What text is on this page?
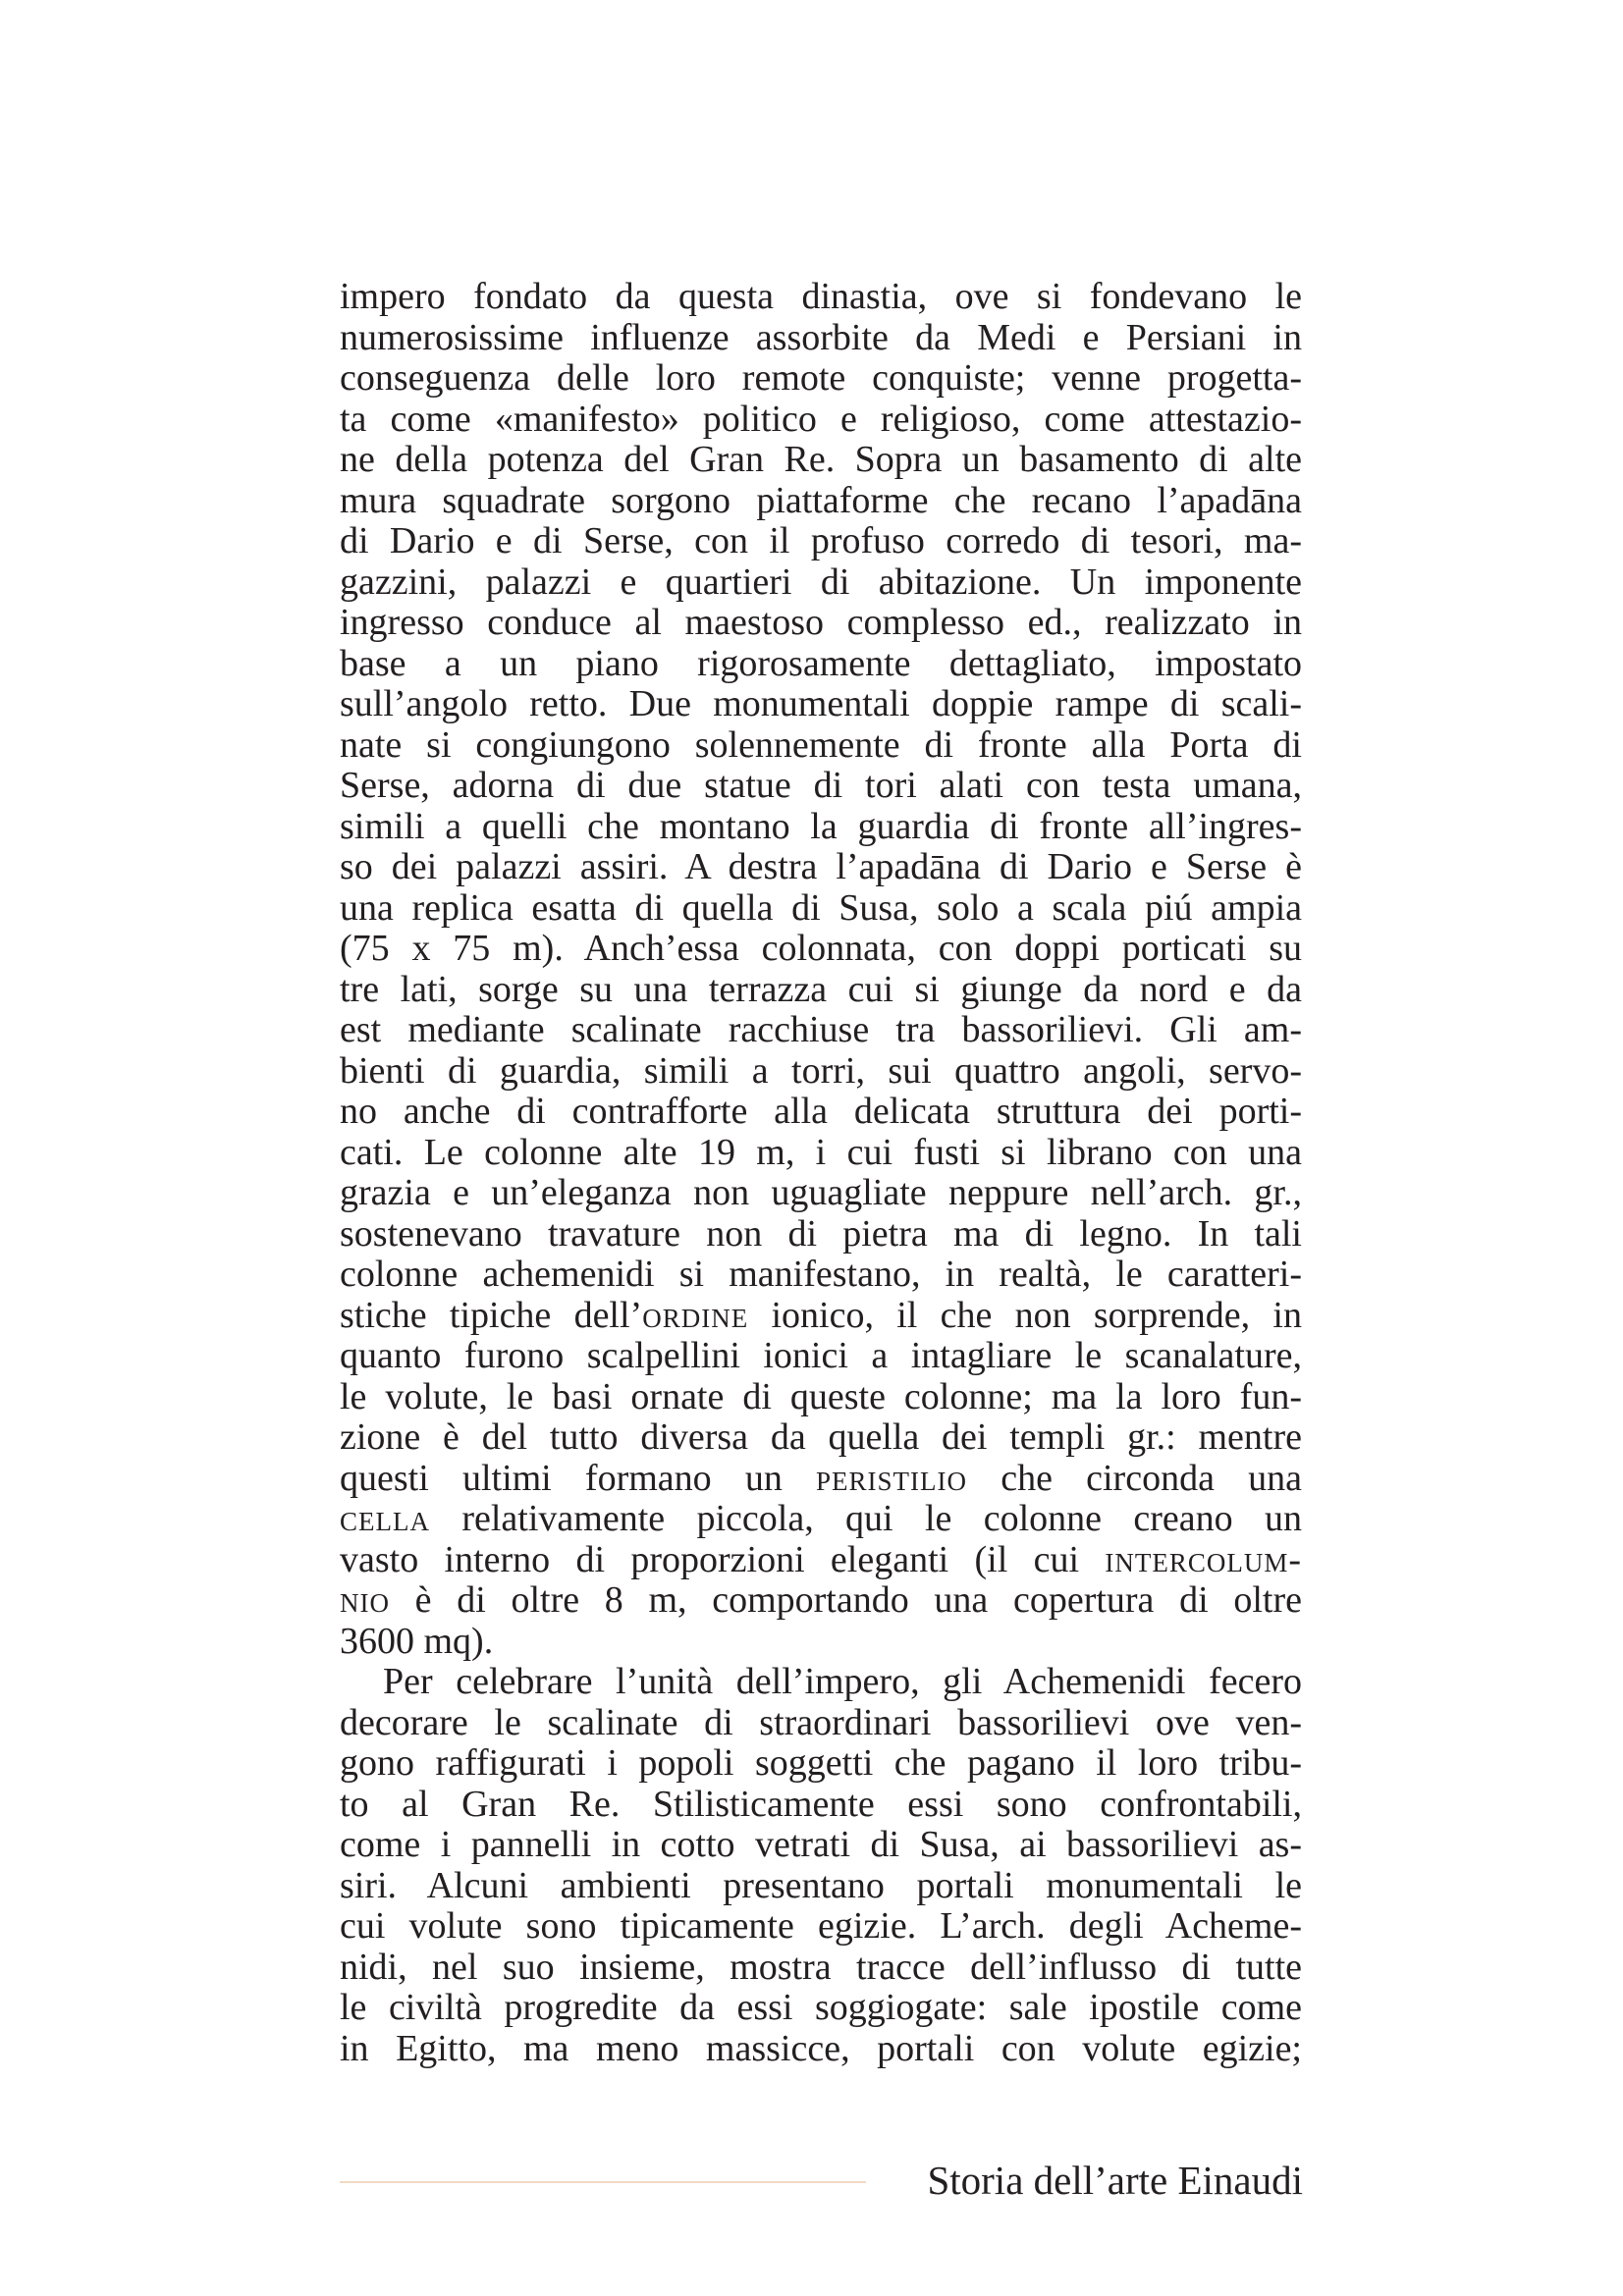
impero fondato da questa dinastia, ove si fondevano le
numerosissime influenze assorbite da Medi e Persiani in
conseguenza delle loro remote conquiste; venne progetta-
ta come «manifesto» politico e religioso, come attestazio-
ne della potenza del Gran Re. Sopra un basamento di alte
mura squadrate sorgono piattaforme che recano l’apadāna
di Dario e di Serse, con il profuso corredo di tesori, ma-
gazzini, palazzi e quartieri di abitazione. Un imponente
ingresso conduce al maestoso complesso ed., realizzato in
base a un piano rigorosamente dettagliato, impostato
sull’angolo retto. Due monumentali doppie rampe di scali-
nate si congiungono solennemente di fronte alla Porta di
Serse, adorna di due statue di tori alati con testa umana,
simili a quelli che montano la guardia di fronte all’ingres-
so dei palazzi assiri. A destra l’apadāna di Dario e Serse è
una replica esatta di quella di Susa, solo a scala piú ampia
(75 x 75 m). Anch’essa colonnata, con doppi porticati su
tre lati, sorge su una terrazza cui si giunge da nord e da
est mediante scalinate racchiuse tra bassorilievi. Gli am-
bienti di guardia, simili a torri, sui quattro angoli, servo-
no anche di contrafforte alla delicata struttura dei porti-
cati. Le colonne alte 19 m, i cui fusti si librano con una
grazia e un’eleganza non uguagliate neppure nell’arch. gr.,
sostenevano travature non di pietra ma di legno. In tali
colonne achemenidi si manifestano, in realtà, le caratteri-
stiche tipiche dell’ordine ionico, il che non sorprende, in
quanto furono scalpellini ionici a intagliare le scanalature,
le volute, le basi ornate di queste colonne; ma la loro fun-
zione è del tutto diversa da quella dei templi gr.: mentre
questi ultimi formano un peristilio che circonda una
cella relativamente piccola, qui le colonne creano un
vasto interno di proporzioni eleganti (il cui intercolum-
nio è di oltre 8 m, comportando una copertura di oltre
3600 mq).
Per celebrare l’unità dell’impero, gli Achemenidi fecero
decorare le scalinate di straordinari bassorilievi ove ven-
gono raffigurati i popoli soggetti che pagano il loro tribu-
to al Gran Re. Stilisticamente essi sono confrontabili,
come i pannelli in cotto vetrati di Susa, ai bassorilievi as-
siri. Alcuni ambienti presentano portali monumentali le
cui volute sono tipicamente egizie. L’arch. degli Acheme-
nidi, nel suo insieme, mostra tracce dell’influsso di tutte
le civiltà progredite da essi soggiogate: sale ipostile come
in Egitto, ma meno massicce, portali con volute egizie;
Storia dell’arte Einaudi
